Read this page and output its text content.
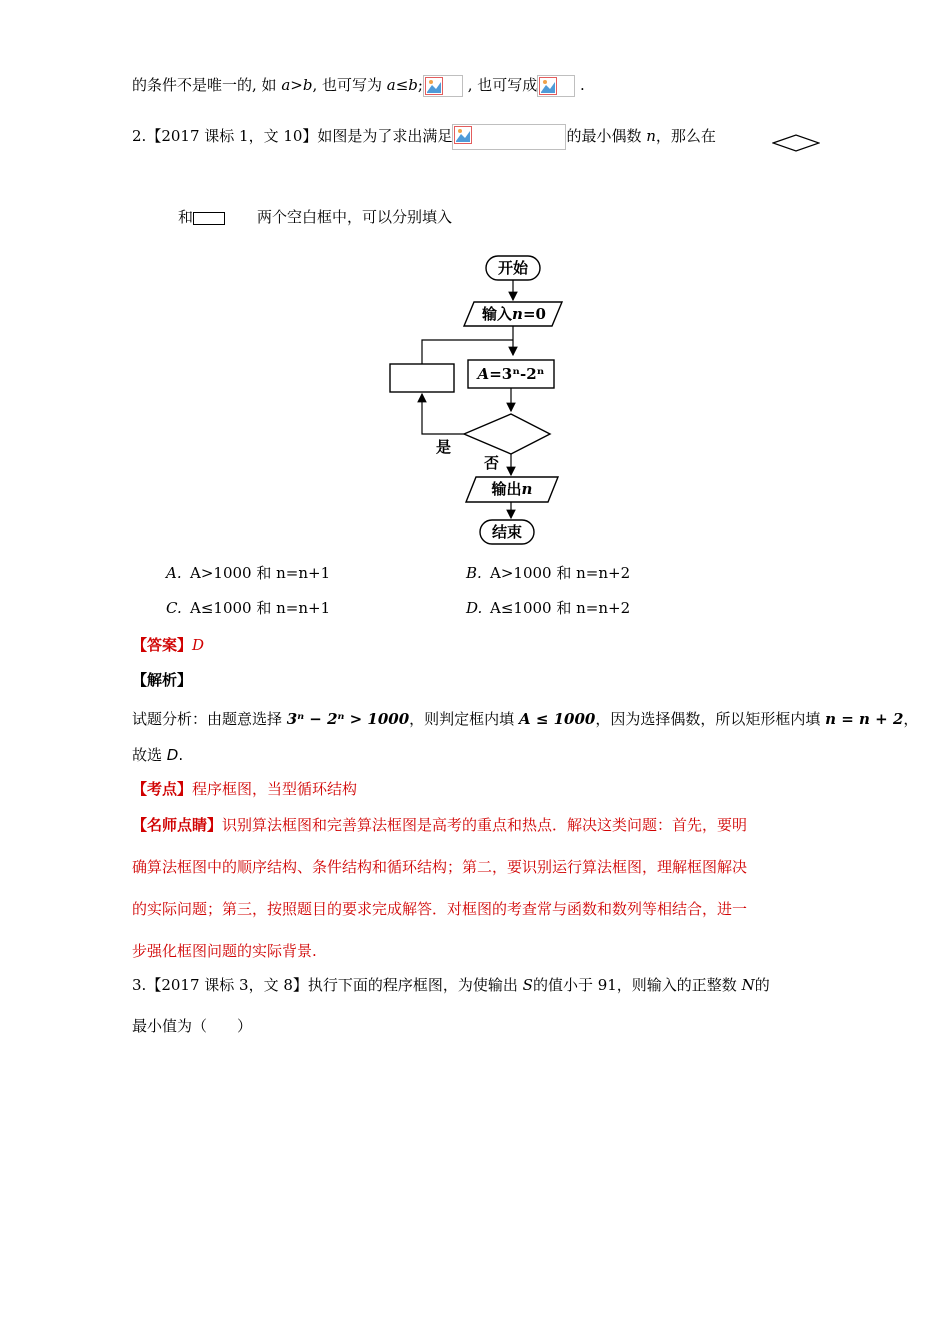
的条件不是唯一的, 如 a>b, 也可写为 a≤b;	, 也可写成	.
2.【2017 课标 1，文 10】如图是为了求出满足	的最小偶数 n，那么在
和	两个空白框中，可以分别填入
开始
输入n=0
A=3ⁿ-2ⁿ
是
否
输出n
结束
A. A>1000 和 n=n+1	B. A>1000 和 n=n+2
C. A≤1000 和 n=n+1	D. A≤1000 和 n=n+2
【答案】D
【解析】
试题分析：由题意选择 3ⁿ − 2ⁿ > 1000，则判定框内填 A ≤ 1000，因为选择偶数，所以矩形框内填 n = n + 2，
故选 D.
【考点】程序框图，当型循环结构
【名师点睛】识别算法框图和完善算法框图是高考的重点和热点．解决这类问题：首先，要明
确算法框图中的顺序结构、条件结构和循环结构；第二，要识别运行算法框图，理解框图解决
的实际问题；第三，按照题目的要求完成解答．对框图的考查常与函数和数列等相结合，进一
步强化框图问题的实际背景.
3.【2017 课标 3，文 8】执行下面的程序框图，为使输出 S的值小于 91，则输入的正整数 N的
最小值为（　　）
